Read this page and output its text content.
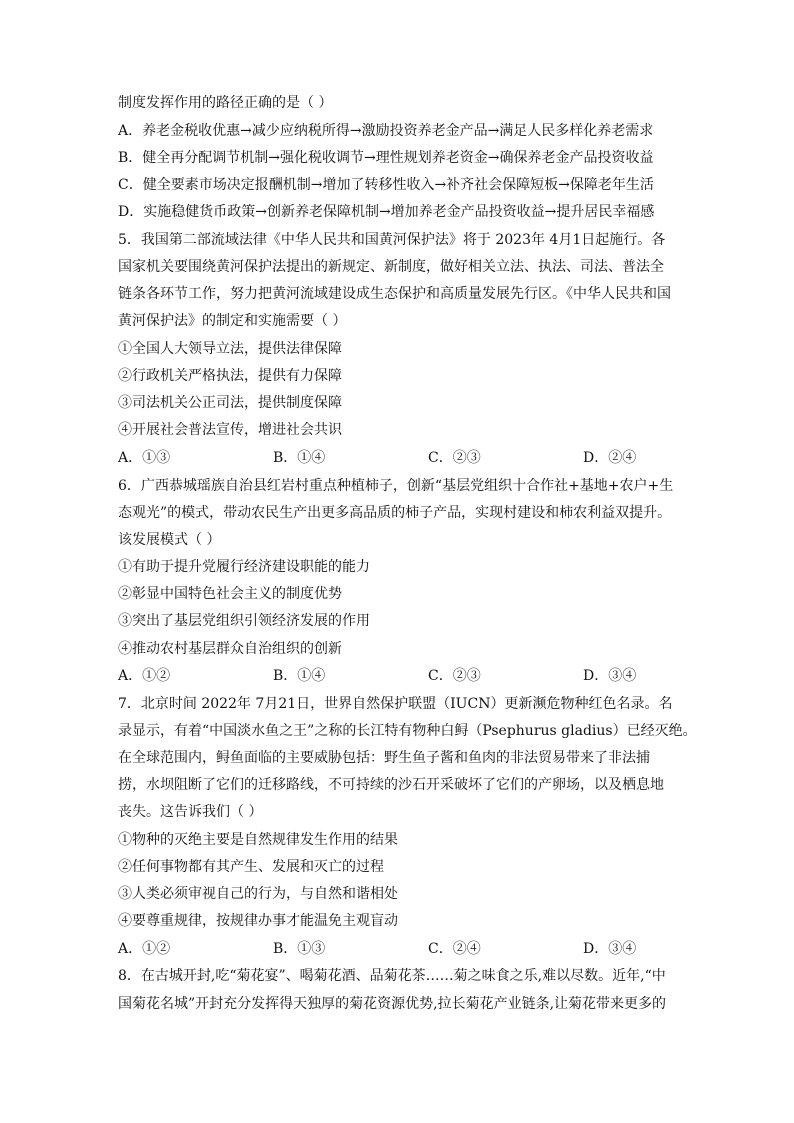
制度发挥作用的路径正确的是（ ）
A．养老金税收优惠→减少应纳税所得→激励投资养老金产品→满足人民多样化养老需求
B．健全再分配调节机制→强化税收调节→理性规划养老资金→确保养老金产品投资收益
C．健全要素市场决定报酬机制→增加了转移性收入→补齐社会保障短板→保障老年生活
D．实施稳健货币政策→创新养老保障机制→增加养老金产品投资收益→提升居民幸福感
5．我国第二部流域法律《中华人民共和国黄河保护法》将于 2023年 4月1日起施行。各
国家机关要围绕黄河保护法提出的新规定、新制度，做好相关立法、执法、司法、普法全
链条各环节工作，努力把黄河流域建设成生态保护和高质量发展先行区。《中华人民共和国
黄河保护法》的制定和实施需要（ ）
①全国人大领导立法，提供法律保障
②行政机关严格执法，提供有力保障
③司法机关公正司法，提供制度保障
④开展社会普法宣传，增进社会共识
A．①③	B．①④	C．②③	D．②④
6．广西恭城瑶族自治县红岩村重点种植柿子，创新“基层党组织十合作社+基地+农户+生
态观光”的模式，带动农民生产出更多高品质的柿子产品，实现村建设和柿农利益双提升。
该发展模式（ ）
①有助于提升党履行经济建设职能的能力
②彰显中国特色社会主义的制度优势
③突出了基层党组织引领经济发展的作用
④推动农村基层群众自治组织的创新
A．①②	B．①④	C．②③	D．③④
7．北京时间 2022年 7月21日，世界自然保护联盟（IUCN）更新濒危物种红色名录。名
录显示，有着“中国淡水鱼之王”之称的长江特有物种白鲟（Psephurus gladius）已经灭绝。
在全球范围内，鲟鱼面临的主要威胁包括：野生鱼子酱和鱼肉的非法贸易带来了非法捕
捞，水坝阻断了它们的迁移路线，不可持续的沙石开采破坏了它们的产卵场，以及栖息地
丧失。这告诉我们（ ）
①物种的灭绝主要是自然规律发生作用的结果
②任何事物都有其产生、发展和灭亡的过程
③人类必须审视自己的行为，与自然和谐相处
④要尊重规律，按规律办事才能温免主观盲动
A．①②	B．①③	C．②④	D．③④
8．在古城开封,吃“菊花宴”、喝菊花酒、品菊花茶……菊之味食之乐,难以尽数。近年,“中
国菊花名城”开封充分发挥得天独厚的菊花资源优势,拉长菊花产业链条,让菊花带来更多的
